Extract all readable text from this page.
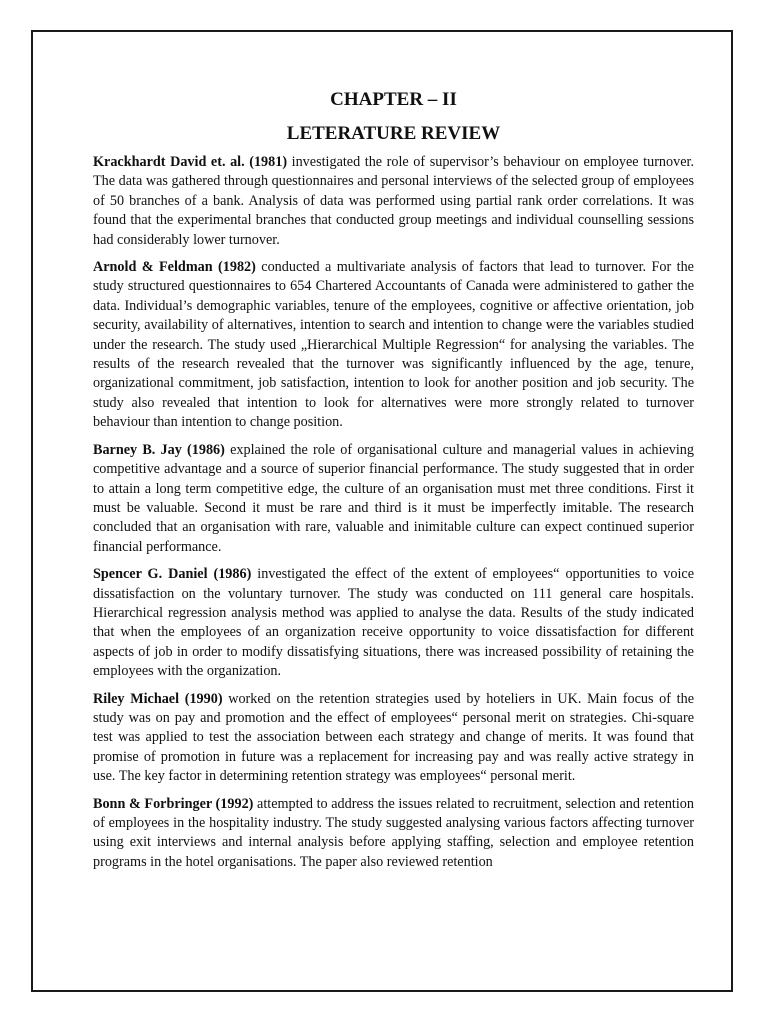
CHAPTER – II
LETERATURE REVIEW

Krackhardt David et. al. (1981) investigated the role of supervisor’s behaviour on employee turnover. The data was gathered through questionnaires and personal interviews of the selected group of employees of 50 branches of a bank. Analysis of data was performed using partial rank order correlations. It was found that the experimental branches that conducted group meetings and individual counselling sessions had considerably lower turnover.

Arnold & Feldman (1982) conducted a multivariate analysis of factors that lead to turnover. For the study structured questionnaires to 654 Chartered Accountants of Canada were administered to gather the data. Individual’s demographic variables, tenure of the employees, cognitive or affective orientation, job security, availability of alternatives, intention to search and intention to change were the variables studied under the research. The study used „Hierarchical Multiple Regression“ for analysing the variables. The results of the research revealed that the turnover was significantly influenced by the age, tenure, organizational commitment, job satisfaction, intention to look for another position and job security. The study also revealed that intention to look for alternatives were more strongly related to turnover behaviour than intention to change position.

Barney B. Jay (1986) explained the role of organisational culture and managerial values in achieving competitive advantage and a source of superior financial performance. The study suggested that in order to attain a long term competitive edge, the culture of an organisation must met three conditions. First it must be valuable. Second it must be rare and third is it must be imperfectly imitable. The research concluded that an organisation with rare, valuable and inimitable culture can expect continued superior financial performance.

Spencer G. Daniel (1986) investigated the effect of the extent of employees“ opportunities to voice dissatisfaction on the voluntary turnover. The study was conducted on 111 general care hospitals. Hierarchical regression analysis method was applied to analyse the data. Results of the study indicated that when the employees of an organization receive opportunity to voice dissatisfaction for different aspects of job in order to modify dissatisfying situations, there was increased possibility of retaining the employees with the organization.

Riley Michael (1990) worked on the retention strategies used by hoteliers in UK. Main focus of the study was on pay and promotion and the effect of employees“ personal merit on strategies. Chi-square test was applied to test the association between each strategy and change of merits. It was found that promise of promotion in future was a replacement for increasing pay and was really active strategy in use. The key factor in determining retention strategy was employees“ personal merit.

Bonn & Forbringer (1992) attempted to address the issues related to recruitment, selection and retention of employees in the hospitality industry. The study suggested analysing various factors affecting turnover using exit interviews and internal analysis before applying staffing, selection and employee retention programs in the hotel organisations. The paper also reviewed retention
